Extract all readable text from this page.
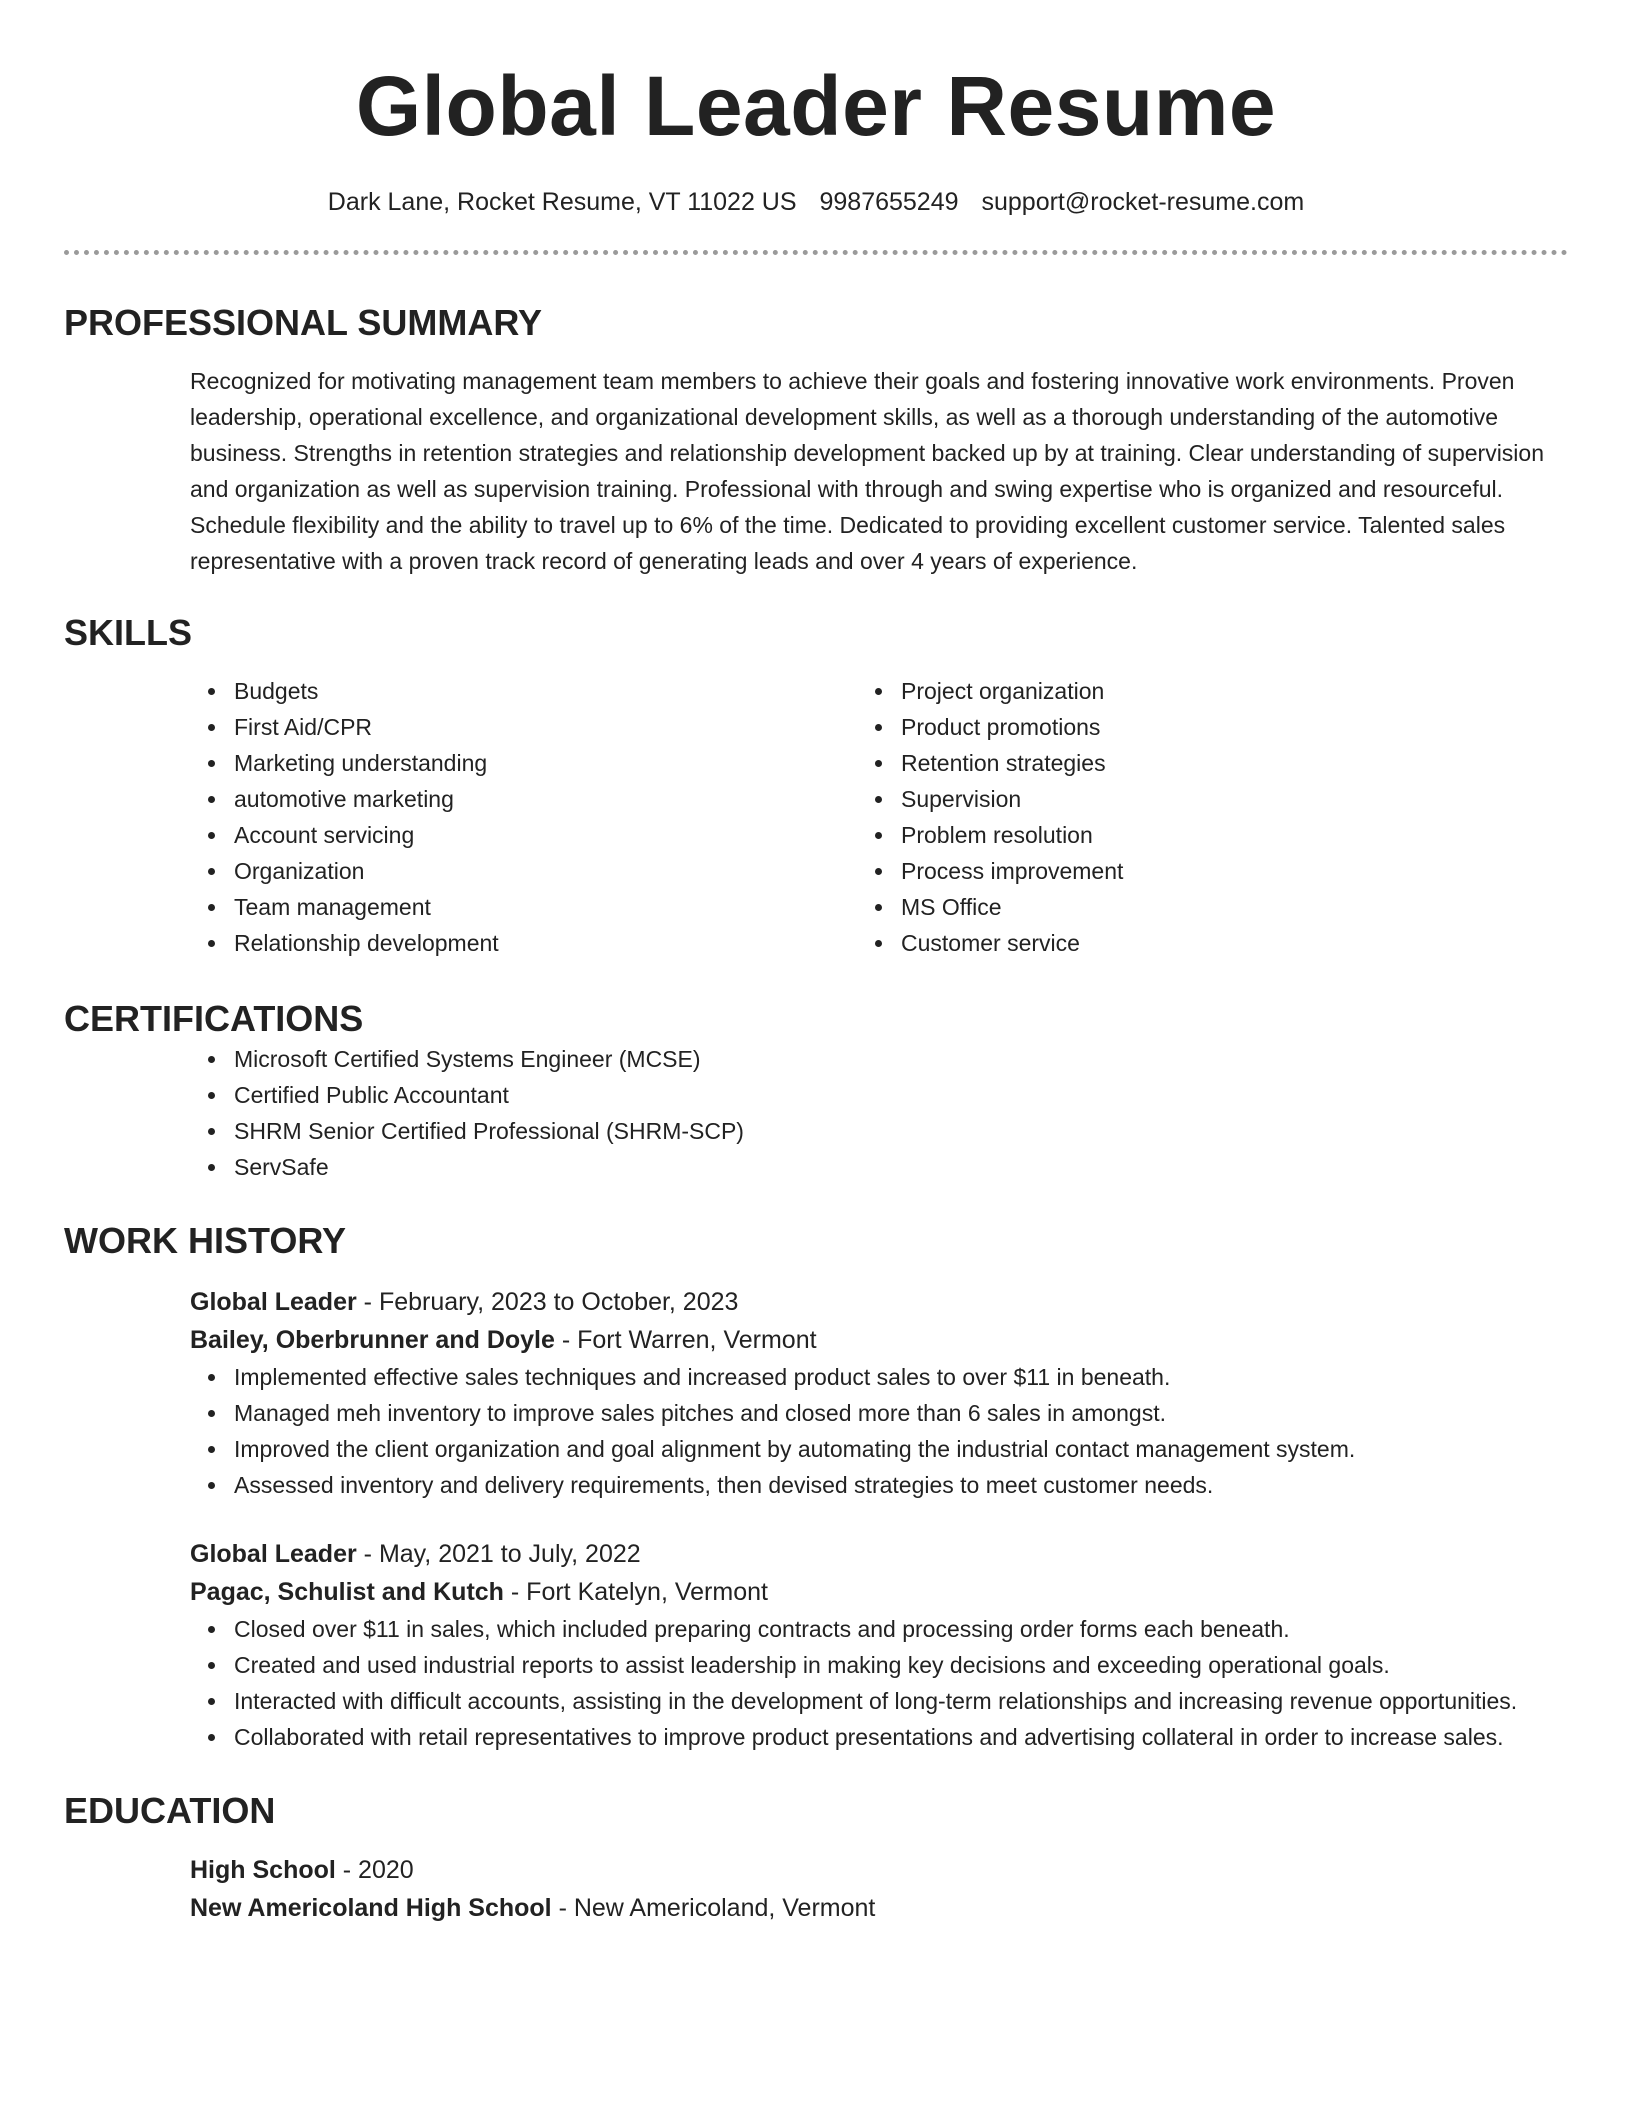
Global Leader Resume
Dark Lane, Rocket Resume, VT 11022 US 9987655249 support@rocket-resume.com
PROFESSIONAL SUMMARY

Recognized for motivating management team members to achieve their goals and fostering innovative work environments. Proven leadership, operational excellence, and organizational development skills, as well as a thorough understanding of the automotive business. Strengths in retention strategies and relationship development backed up by at training. Clear understanding of supervision and organization as well as supervision training. Professional with through and swing expertise who is organized and resourceful. Schedule flexibility and the ability to travel up to 6% of the time. Dedicated to providing excellent customer service. Talented sales representative with a proven track record of generating leads and over 4 years of experience.

SKILLS
Budgets
First Aid/CPR
Marketing understanding
automotive marketing
Account servicing
Organization
Team management
Relationship development
Project organization
Product promotions
Retention strategies
Supervision
Problem resolution
Process improvement
MS Office
Customer service
CERTIFICATIONS
Microsoft Certified Systems Engineer (MCSE)
Certified Public Accountant
SHRM Senior Certified Professional (SHRM-SCP)
ServSafe
WORK HISTORY
Global Leader - February, 2023 to October, 2023
Bailey, Oberbrunner and Doyle - Fort Warren, Vermont
Implemented effective sales techniques and increased product sales to over $11 in beneath.
Managed meh inventory to improve sales pitches and closed more than 6 sales in amongst.
Improved the client organization and goal alignment by automating the industrial contact management system.
Assessed inventory and delivery requirements, then devised strategies to meet customer needs.
Global Leader - May, 2021 to July, 2022
Pagac, Schulist and Kutch - Fort Katelyn, Vermont
Closed over $11 in sales, which included preparing contracts and processing order forms each beneath.
Created and used industrial reports to assist leadership in making key decisions and exceeding operational goals.
Interacted with difficult accounts, assisting in the development of long-term relationships and increasing revenue opportunities.
Collaborated with retail representatives to improve product presentations and advertising collateral in order to increase sales.
EDUCATION
High School - 2020
New Americoland High School - New Americoland, Vermont
